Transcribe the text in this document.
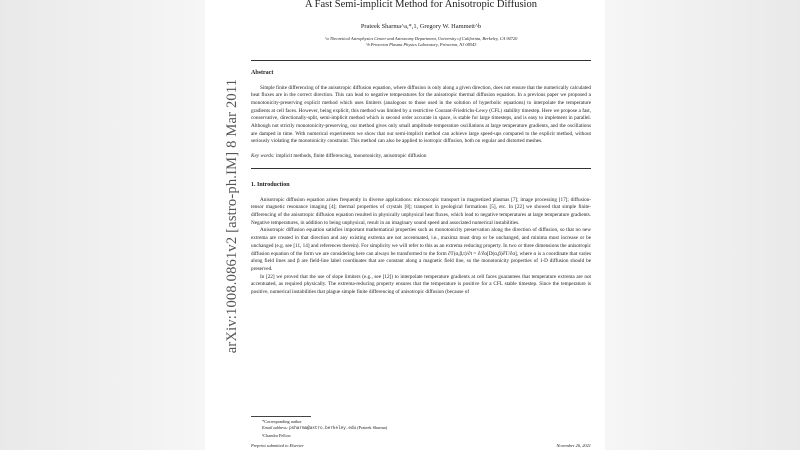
arXiv:1008.0861v2 [astro-ph.IM] 8 Mar 2011
A Fast Semi-implicit Method for Anisotropic Diffusion
Prateek Sharma^a,*,1, Gregory W. Hammett^b
^a Theoretical Astrophysics Center and Astronomy Department, University of California, Berkeley, CA 94720
^b Princeton Plasma Physics Laboratory, Princeton, NJ 08543
Abstract
Simple finite differencing of the anisotropic diffusion equation, where diffusion is only along a given direction, does not ensure that the numerically calculated heat fluxes are in the correct direction. This can lead to negative temperatures for the anisotropic thermal diffusion equation. In a previous paper we proposed a monotonicity-preserving explicit method which uses limiters (analogous to those used in the solution of hyperbolic equations) to interpolate the temperature gradients at cell faces. However, being explicit, this method was limited by a restrictive Courant-Friedrichs-Lewy (CFL) stability timestep. Here we propose a fast, conservative, directionally-split, semi-implicit method which is second order accurate in space, is stable for large timesteps, and is easy to implement in parallel. Although not strictly monotonicity-preserving, our method gives only small amplitude temperature oscillations at large temperature gradients, and the oscillations are damped in time. With numerical experiments we show that our semi-implicit method can achieve large speed-ups compared to the explicit method, without seriously violating the monotonicity constraint. This method can also be applied to isotropic diffusion, both on regular and distorted meshes.
Key words: implicit methods, finite differencing, monotonicity, anisotropic diffusion
1. Introduction
Anisotropic diffusion equation arises frequently in diverse applications: microscopic transport in magnetized plasmas [7]; image processing [17]; diffusion-tensor magnetic resonance imaging [4]; thermal properties of crystals [8]; transport in geological formations [5], etc. In [22] we showed that simple finite-differencing of the anisotropic diffusion equation resulted in physically unphysical heat fluxes, which lead to negative temperatures at large temperature gradients. Negative temperatures, in addition to being unphysical, result in an imaginary sound speed and associated numerical instabilities.
Anisotropic diffusion equation satisfies important mathematical properties such as monotonicity preservation along the direction of diffusion, so that no new extrema are created in that direction and any existing extrema are not accentuated, i.e., maxima must drop or be unchanged, and minima must increase or be unchanged (e.g. see [11, 14] and references therein). For simplicity we will refer to this as an extrema reducing property. In two or three dimensions the anisotropic diffusion equation of the form we are considering here can always be transformed to the form ∂T(α,β,t)/∂t = ∂/∂α[D(α,β)∂T/∂α], where α is a coordinate that varies along field lines and β are field-line label coordinates that are constant along a magnetic field line, so the monotonicity properties of 1-D diffusion should be preserved.
In [22] we proved that the use of slope limiters (e.g., see [12]) to interpolate temperature gradients at cell faces guarantees that temperature extrema are not accentuated, as required physically. The extrema-reducing property ensures that the temperature is positive for a CFL stable timestep. Since the temperature is positive, numerical instabilities that plague simple finite differencing of anisotropic diffusion (because of
*Corresponding author
Email address: psharma@astro.berkeley.edu (Prateek Sharma)
¹Chandra Fellow
Preprint submitted to Elsevier	November 26, 2021
